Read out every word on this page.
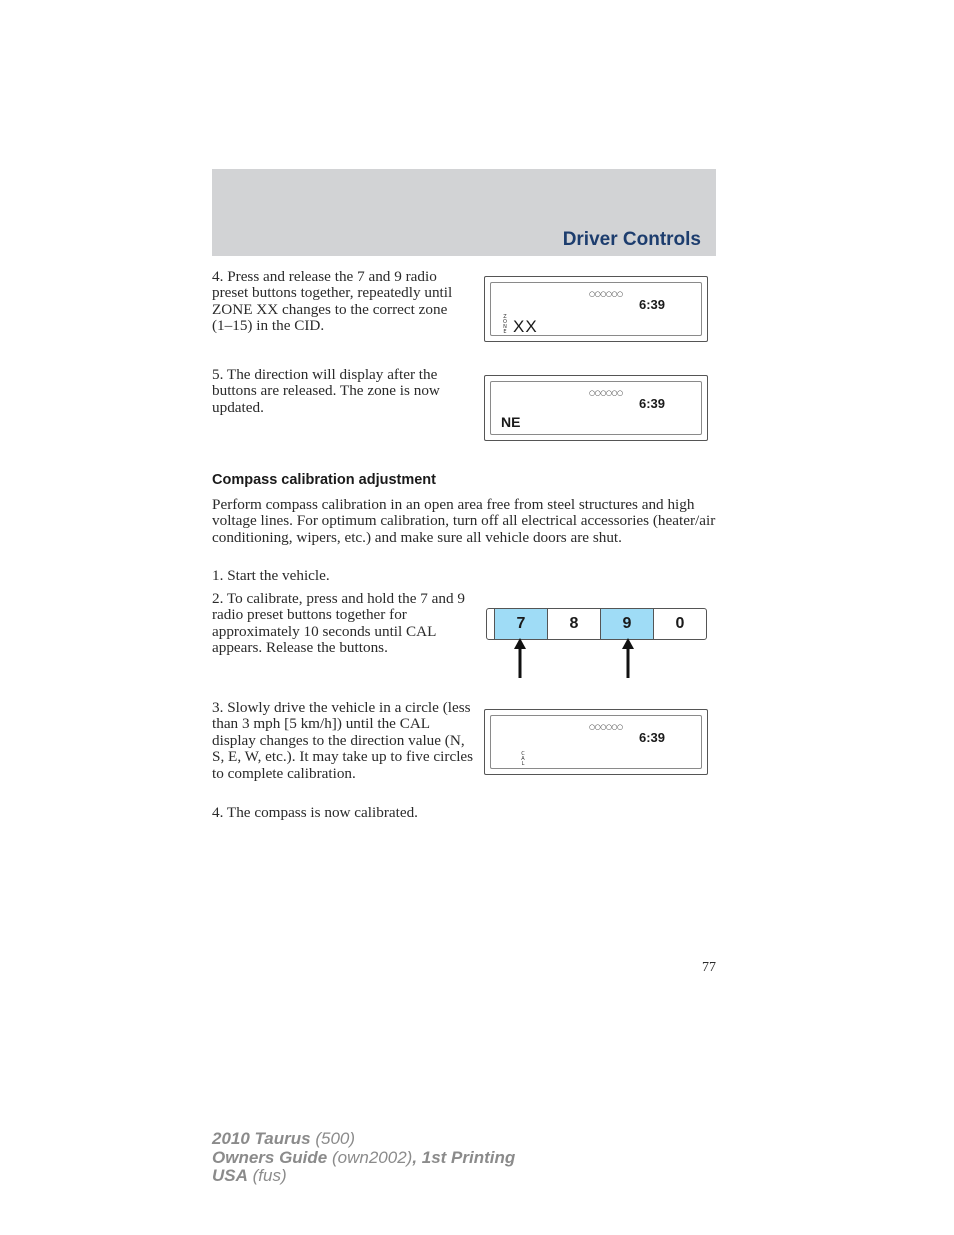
Driver Controls

4. Press and release the 7 and 9 radio preset buttons together, repeatedly until ZONE XX changes to the correct zone (1–15) in the CID.

○○○○○○
6:39
ZONE XX

5. The direction will display after the buttons are released. The zone is now updated.

○○○○○○
6:39
NE
Compass calibration adjustment

Perform compass calibration in an open area free from steel structures and high voltage lines. For optimum calibration, turn off all electrical accessories (heater/air conditioning, wipers, etc.) and make sure all vehicle doors are shut.

1. Start the vehicle.

2. To calibrate, press and hold the 7 and 9 radio preset buttons together for approximately 10 seconds until CAL appears. Release the buttons.

7	8	9	0

3. Slowly drive the vehicle in a circle (less than 3 mph [5 km/h]) until the CAL display changes to the direction value (N, S, E, W, etc.). It may take up to five circles to complete calibration.

○○○○○○
6:39
CAL

4. The compass is now calibrated.

77
2010 Taurus (500)
Owners Guide (own2002), 1st Printing
USA (fus)
